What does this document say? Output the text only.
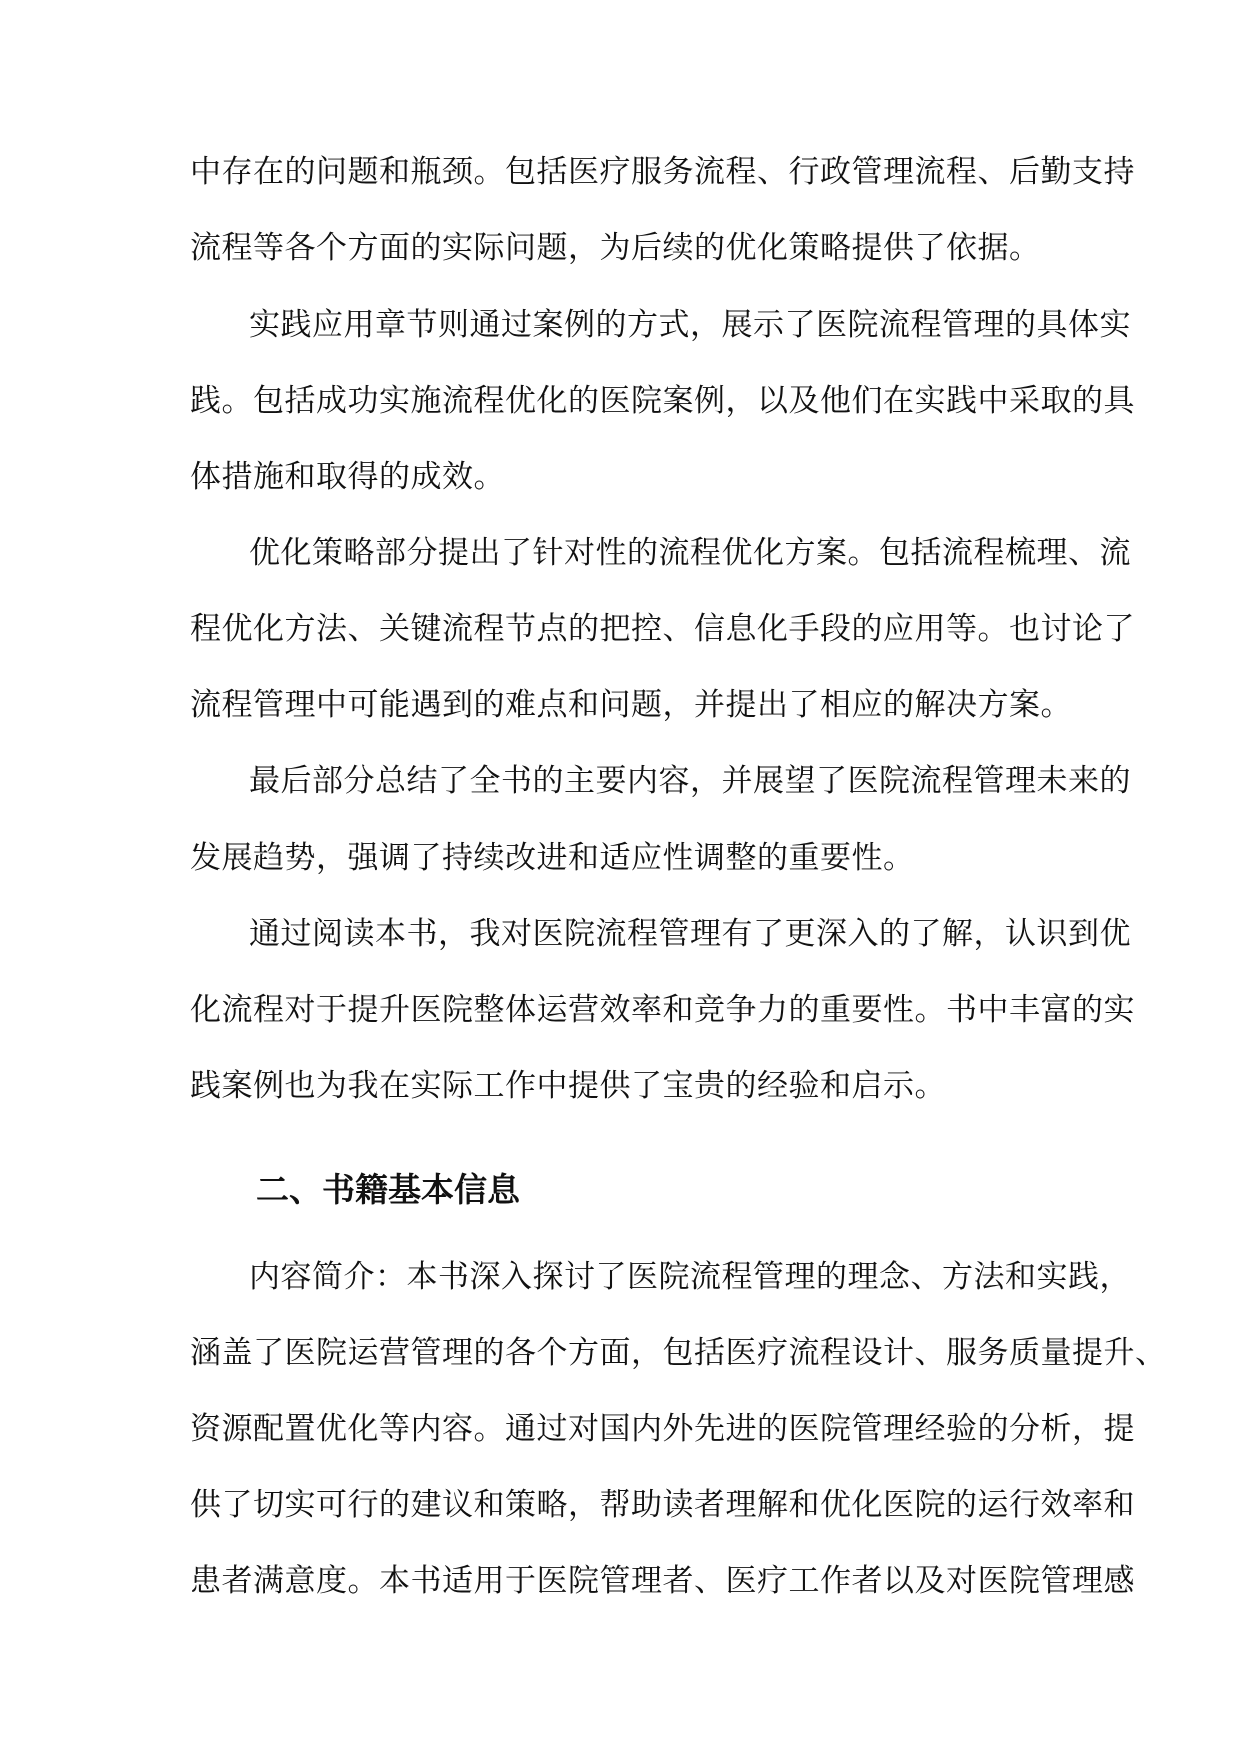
中存在的问题和瓶颈。包括医疗服务流程、行政管理流程、后勤支持
流程等各个方面的实际问题，为后续的优化策略提供了依据。
实践应用章节则通过案例的方式，展示了医院流程管理的具体实
践。包括成功实施流程优化的医院案例，以及他们在实践中采取的具
体措施和取得的成效。
优化策略部分提出了针对性的流程优化方案。包括流程梳理、流
程优化方法、关键流程节点的把控、信息化手段的应用等。也讨论了
流程管理中可能遇到的难点和问题，并提出了相应的解决方案。
最后部分总结了全书的主要内容，并展望了医院流程管理未来的
发展趋势，强调了持续改进和适应性调整的重要性。
通过阅读本书，我对医院流程管理有了更深入的了解，认识到优
化流程对于提升医院整体运营效率和竞争力的重要性。书中丰富的实
践案例也为我在实际工作中提供了宝贵的经验和启示。
二、书籍基本信息
内容简介：本书深入探讨了医院流程管理的理念、方法和实践，
涵盖了医院运营管理的各个方面，包括医疗流程设计、服务质量提升、
资源配置优化等内容。通过对国内外先进的医院管理经验的分析，提
供了切实可行的建议和策略，帮助读者理解和优化医院的运行效率和
患者满意度。本书适用于医院管理者、医疗工作者以及对医院管理感
